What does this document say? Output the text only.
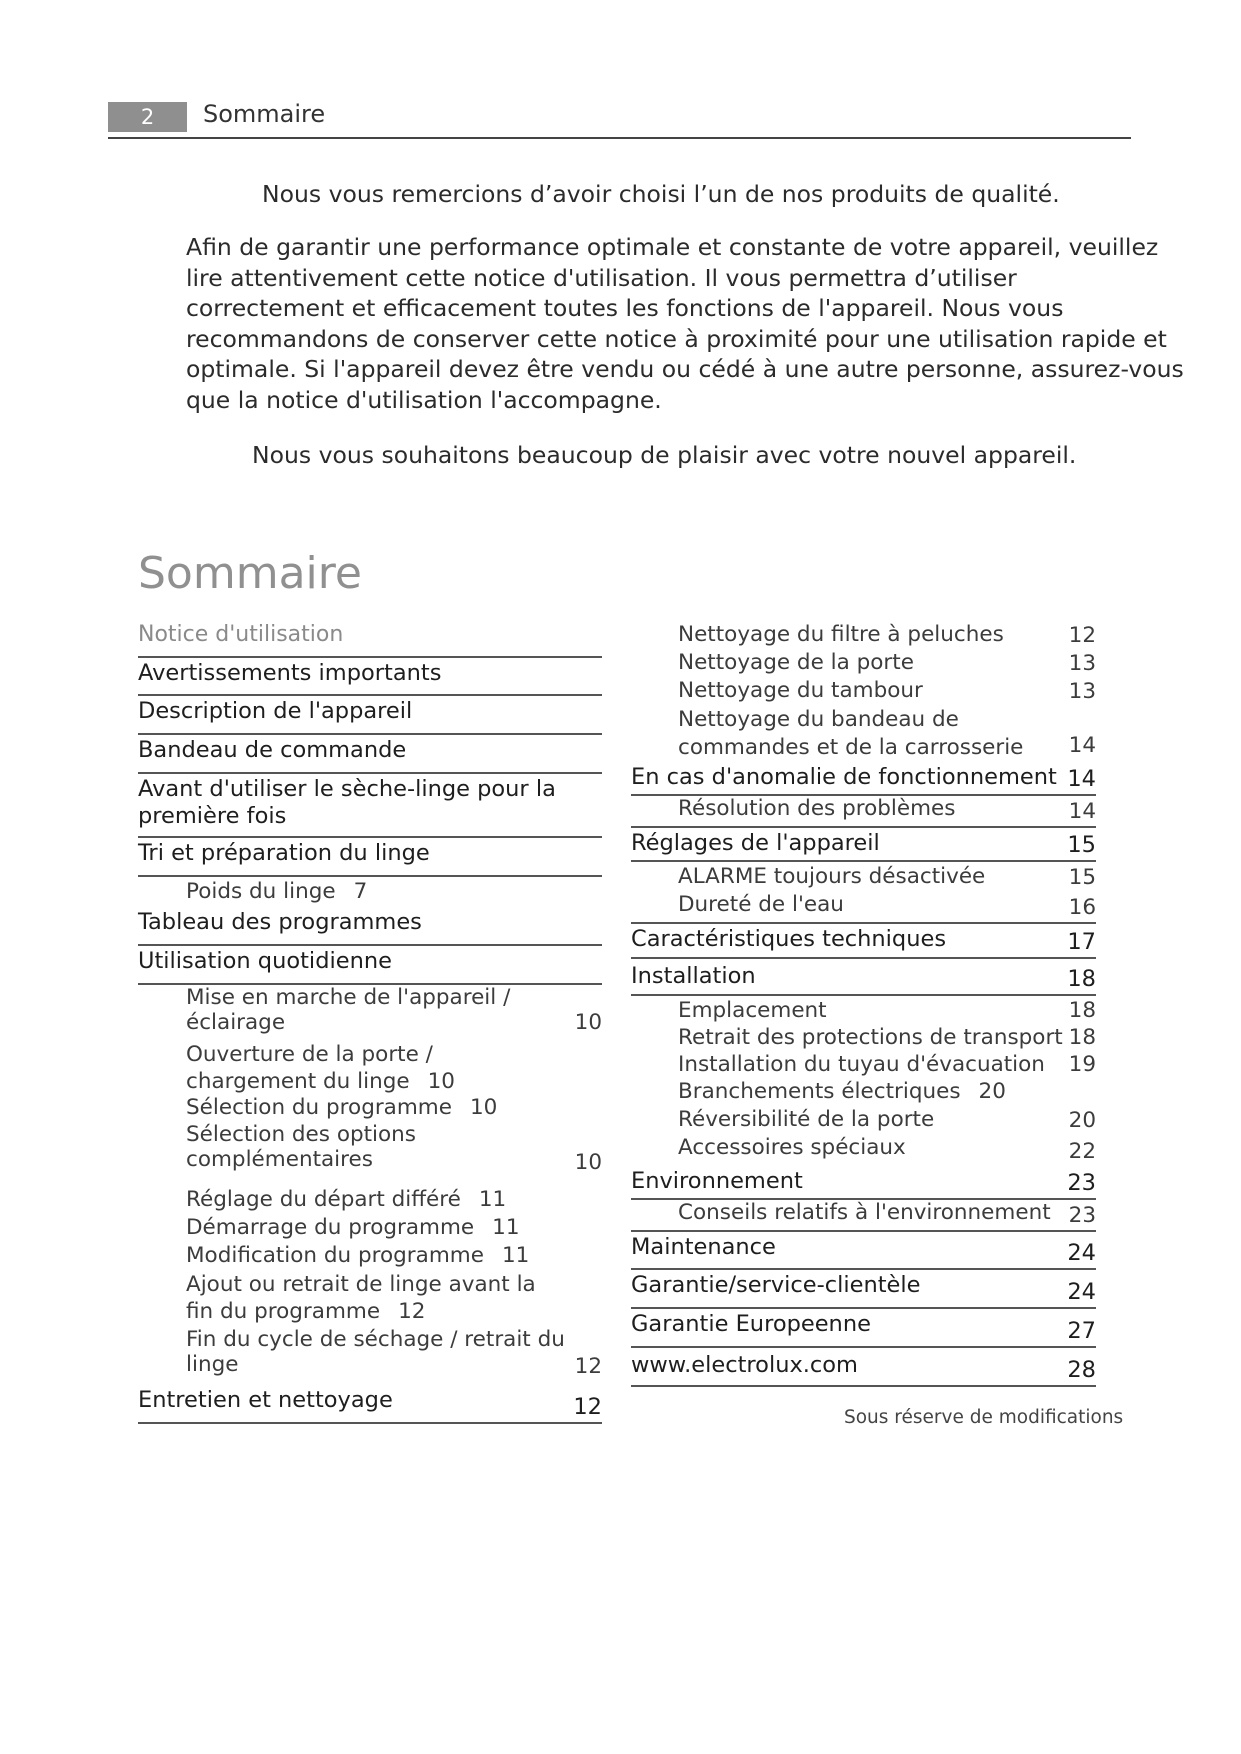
2	Sommaire
Nous vous remercions d’avoir choisi l’un de nos produits de qualité.
Afin de garantir une performance optimale et constante de votre appareil, veuillez
lire attentivement cette notice d'utilisation. Il vous permettra d’utiliser
correctement et efficacement toutes les fonctions de l'appareil. Nous vous
recommandons de conserver cette notice à proximité pour une utilisation rapide et
optimale. Si l'appareil devez être vendu ou cédé à une autre personne, assurez-vous
que la notice d'utilisation l'accompagne.
Nous vous souhaitons beaucoup de plaisir avec votre nouvel appareil.
Sommaire
Notice d'utilisation
Avertissements importants
Description de l'appareil
Bandeau de commande
Avant d'utiliser le sèche-linge pour la première fois
Tri et préparation du linge
Poids du linge 7
Tableau des programmes
Utilisation quotidienne
Mise en marche de l'appareil / éclairage	10
Ouverture de la porte / chargement du linge 10
Sélection du programme 10
Sélection des options complémentaires	10
Réglage du départ différé 11
Démarrage du programme 11
Modification du programme 11
Ajout ou retrait de linge avant la fin du programme 12
Fin du cycle de séchage / retrait du linge	12
Entretien et nettoyage	12
Nettoyage du filtre à peluches	12
Nettoyage de la porte	13
Nettoyage du tambour	13
Nettoyage du bandeau de commandes et de la carrosserie	14
En cas d'anomalie de fonctionnement 14
Résolution des problèmes	14
Réglages de l'appareil	15
ALARME toujours désactivée	15
Dureté de l'eau	16
Caractéristiques techniques	17
Installation	18
Emplacement	18
Retrait des protections de transport 18
Installation du tuyau d'évacuation	19
Branchements électriques 20
Réversibilité de la porte	20
Accessoires spéciaux	22
Environnement	23
Conseils relatifs à l'environnement 23
Maintenance	24
Garantie/service-clientèle	24
Garantie Europeenne	27
www.electrolux.com	28
Sous réserve de modifications
